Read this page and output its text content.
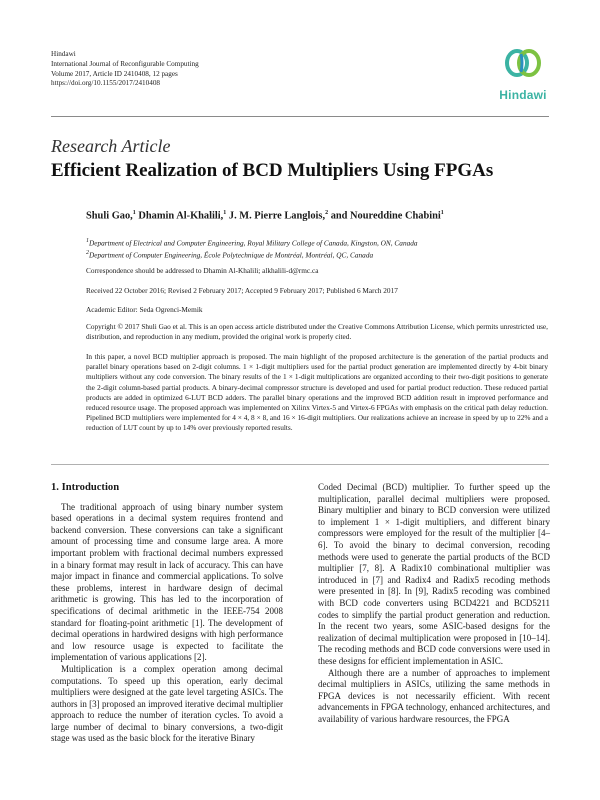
Hindawi
International Journal of Reconfigurable Computing
Volume 2017, Article ID 2410408, 12 pages
https://doi.org/10.1155/2017/2410408
Hindawi
Research Article
Efficient Realization of BCD Multipliers Using FPGAs
Shuli Gao,$^1$ Dhamin Al-Khalili,$^1$ J. M. Pierre Langlois,$^2$ and Noureddine Chabini$^1$
$^1$Department of Electrical and Computer Engineering, Royal Military College of Canada, Kingston, ON, Canada
$^2$Department of Computer Engineering, École Polytechnique de Montréal, Montréal, QC, Canada
Correspondence should be addressed to Dhamin Al-Khalili; alkhalili-d@rmc.ca
Received 22 October 2016; Revised 2 February 2017; Accepted 9 February 2017; Published 6 March 2017
Academic Editor: Seda Ogrenci-Memik
Copyright © 2017 Shuli Gao et al. This is an open access article distributed under the Creative Commons Attribution License, which permits unrestricted use, distribution, and reproduction in any medium, provided the original work is properly cited.
In this paper, a novel BCD multiplier approach is proposed. The main highlight of the proposed architecture is the generation of the partial products and parallel binary operations based on 2-digit columns. 1 × 1-digit multipliers used for the partial product generation are implemented directly by 4-bit binary multipliers without any code conversion. The binary results of the 1 × 1-digit multiplications are organized according to their two-digit positions to generate the 2-digit column-based partial products. A binary-decimal compressor structure is developed and used for partial product reduction. These reduced partial products are added in optimized 6-LUT BCD adders. The parallel binary operations and the improved BCD addition result in improved performance and reduced resource usage. The proposed approach was implemented on Xilinx Virtex-5 and Virtex-6 FPGAs with emphasis on the critical path delay reduction. Pipelined BCD multipliers were implemented for 4 × 4, 8 × 8, and 16 × 16-digit multipliers. Our realizations achieve an increase in speed by up to 22% and a reduction of LUT count by up to 14% over previously reported results.
1. Introduction

The traditional approach of using binary number system based operations in a decimal system requires frontend and backend conversion. These conversions can take a significant amount of processing time and consume large area. A more important problem with fractional decimal numbers expressed in a binary format may result in lack of accuracy. This can have major impact in finance and commercial applications. To solve these problems, interest in hardware design of decimal arithmetic is growing. This has led to the incorporation of specifications of decimal arithmetic in the IEEE-754 2008 standard for floating-point arithmetic [1]. The development of decimal operations in hardwired designs with high performance and low resource usage is expected to facilitate the implementation of various applications [2].

Multiplication is a complex operation among decimal computations. To speed up this operation, early decimal multipliers were designed at the gate level targeting ASICs. The authors in [3] proposed an improved iterative decimal multiplier approach to reduce the number of iteration cycles. To avoid a large number of decimal to binary conversions, a two-digit stage was used as the basic block for the iterative Binary

Coded Decimal (BCD) multiplier. To further speed up the multiplication, parallel decimal multipliers were proposed. Binary multiplier and binary to BCD conversion were utilized to implement 1 × 1-digit multipliers, and different binary compressors were employed for the result of the multiplier [4–6]. To avoid the binary to decimal conversion, recoding methods were used to generate the partial products of the BCD multiplier [7, 8]. A Radix10 combinational multiplier was introduced in [7] and Radix4 and Radix5 recoding methods were presented in [8]. In [9], Radix5 recoding was combined with BCD code converters using BCD4221 and BCD5211 codes to simplify the partial product generation and reduction. In the recent two years, some ASIC-based designs for the realization of decimal multiplication were proposed in [10–14]. The recoding methods and BCD code conversions were used in these designs for efficient implementation in ASIC.

Although there are a number of approaches to implement decimal multipliers in ASICs, utilizing the same methods in FPGA devices is not necessarily efficient. With recent advancements in FPGA technology, enhanced architectures, and availability of various hardware resources, the FPGA
